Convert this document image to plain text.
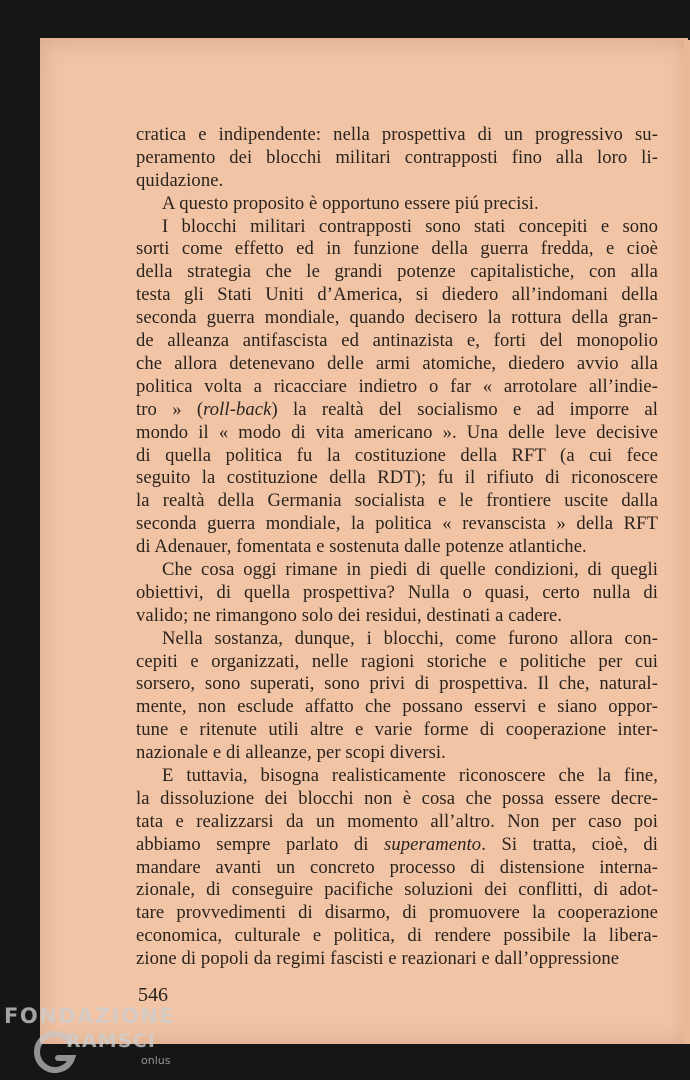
cratica e indipendente: nella prospettiva di un progressivo su-
peramento dei blocchi militari contrapposti fino alla loro li-
quidazione.
A questo proposito è opportuno essere piú precisi.
I blocchi militari contrapposti sono stati concepiti e sono
sorti come effetto ed in funzione della guerra fredda, e cioè
della strategia che le grandi potenze capitalistiche, con alla
testa gli Stati Uniti d’America, si diedero all’indomani della
seconda guerra mondiale, quando decisero la rottura della gran-
de alleanza antifascista ed antinazista e, forti del monopolio
che allora detenevano delle armi atomiche, diedero avvio alla
politica volta a ricacciare indietro o far « arrotolare all’indie-
tro » (roll-back) la realtà del socialismo e ad imporre al
mondo il « modo di vita americano ». Una delle leve decisive
di quella politica fu la costituzione della RFT (a cui fece
seguito la costituzione della RDT); fu il rifiuto di riconoscere
la realtà della Germania socialista e le frontiere uscite dalla
seconda guerra mondiale, la politica « revanscista » della RFT
di Adenauer, fomentata e sostenuta dalle potenze atlantiche.
Che cosa oggi rimane in piedi di quelle condizioni, di quegli
obiettivi, di quella prospettiva? Nulla o quasi, certo nulla di
valido; ne rimangono solo dei residui, destinati a cadere.
Nella sostanza, dunque, i blocchi, come furono allora con-
cepiti e organizzati, nelle ragioni storiche e politiche per cui
sorsero, sono superati, sono privi di prospettiva. Il che, natural-
mente, non esclude affatto che possano esservi e siano oppor-
tune e ritenute utili altre e varie forme di cooperazione inter-
nazionale e di alleanze, per scopi diversi.
E tuttavia, bisogna realisticamente riconoscere che la fine,
la dissoluzione dei blocchi non è cosa che possa essere decre-
tata e realizzarsi da un momento all’altro. Non per caso poi
abbiamo sempre parlato di superamento. Si tratta, cioè, di
mandare avanti un concreto processo di distensione interna-
zionale, di conseguire pacifiche soluzioni dei conflitti, di adot-
tare provvedimenti di disarmo, di promuovere la cooperazione
economica, culturale e politica, di rendere possibile la libera-
zione di popoli da regimi fascisti e reazionari e dall’oppressione
546
FONDAZIONE
RAMSCI
onlus
